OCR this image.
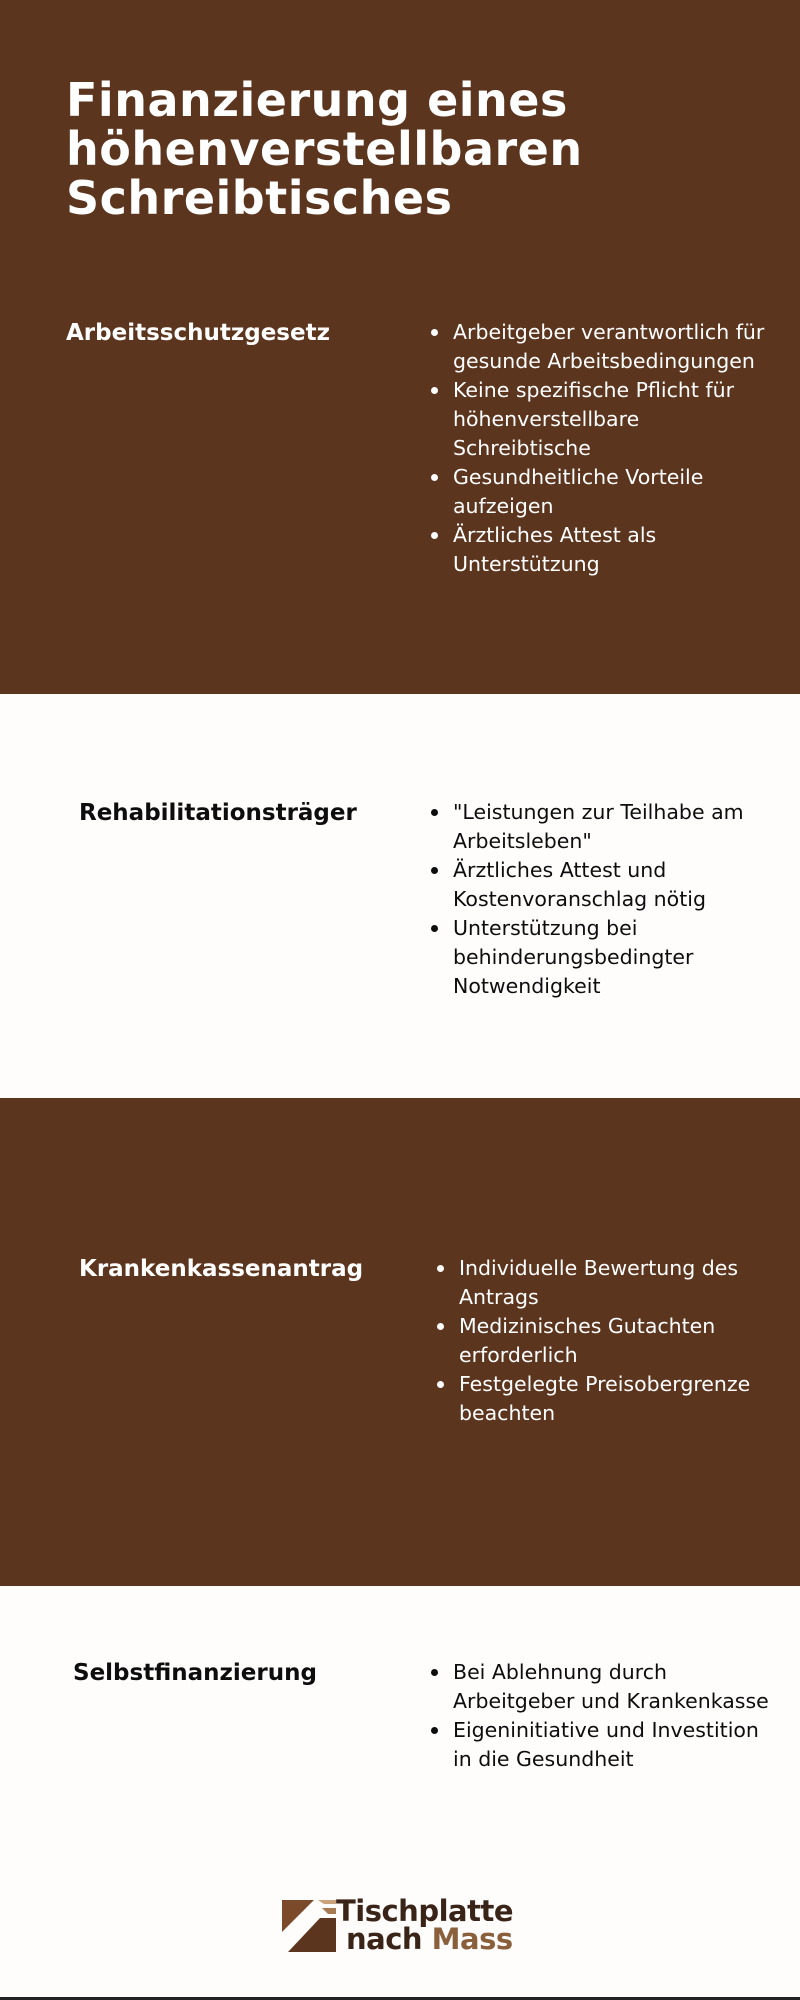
Finanzierung eines höhenverstellbaren Schreibtisches
Arbeitsschutzgesetz	Arbeitgeber verantwortlich für gesunde Arbeitsbedingungen
Keine spezifische Pflicht für höhenverstellbare Schreibtische
Gesundheitliche Vorteile aufzeigen
Ärztliches Attest als Unterstützung
Rehabilitationsträger	"Leistungen zur Teilhabe am Arbeitsleben"
Ärztliches Attest und Kostenvoranschlag nötig
Unterstützung bei behinderungsbedingter Notwendigkeit
Krankenkassenantrag	Individuelle Bewertung des Antrags
Medizinisches Gutachten erforderlich
Festgelegte Preisobergrenze beachten
Selbstfinanzierung	Bei Ablehnung durch Arbeitgeber und Krankenkasse
Eigeninitiative und Investition in die Gesundheit
Tischplatte
nach Mass
